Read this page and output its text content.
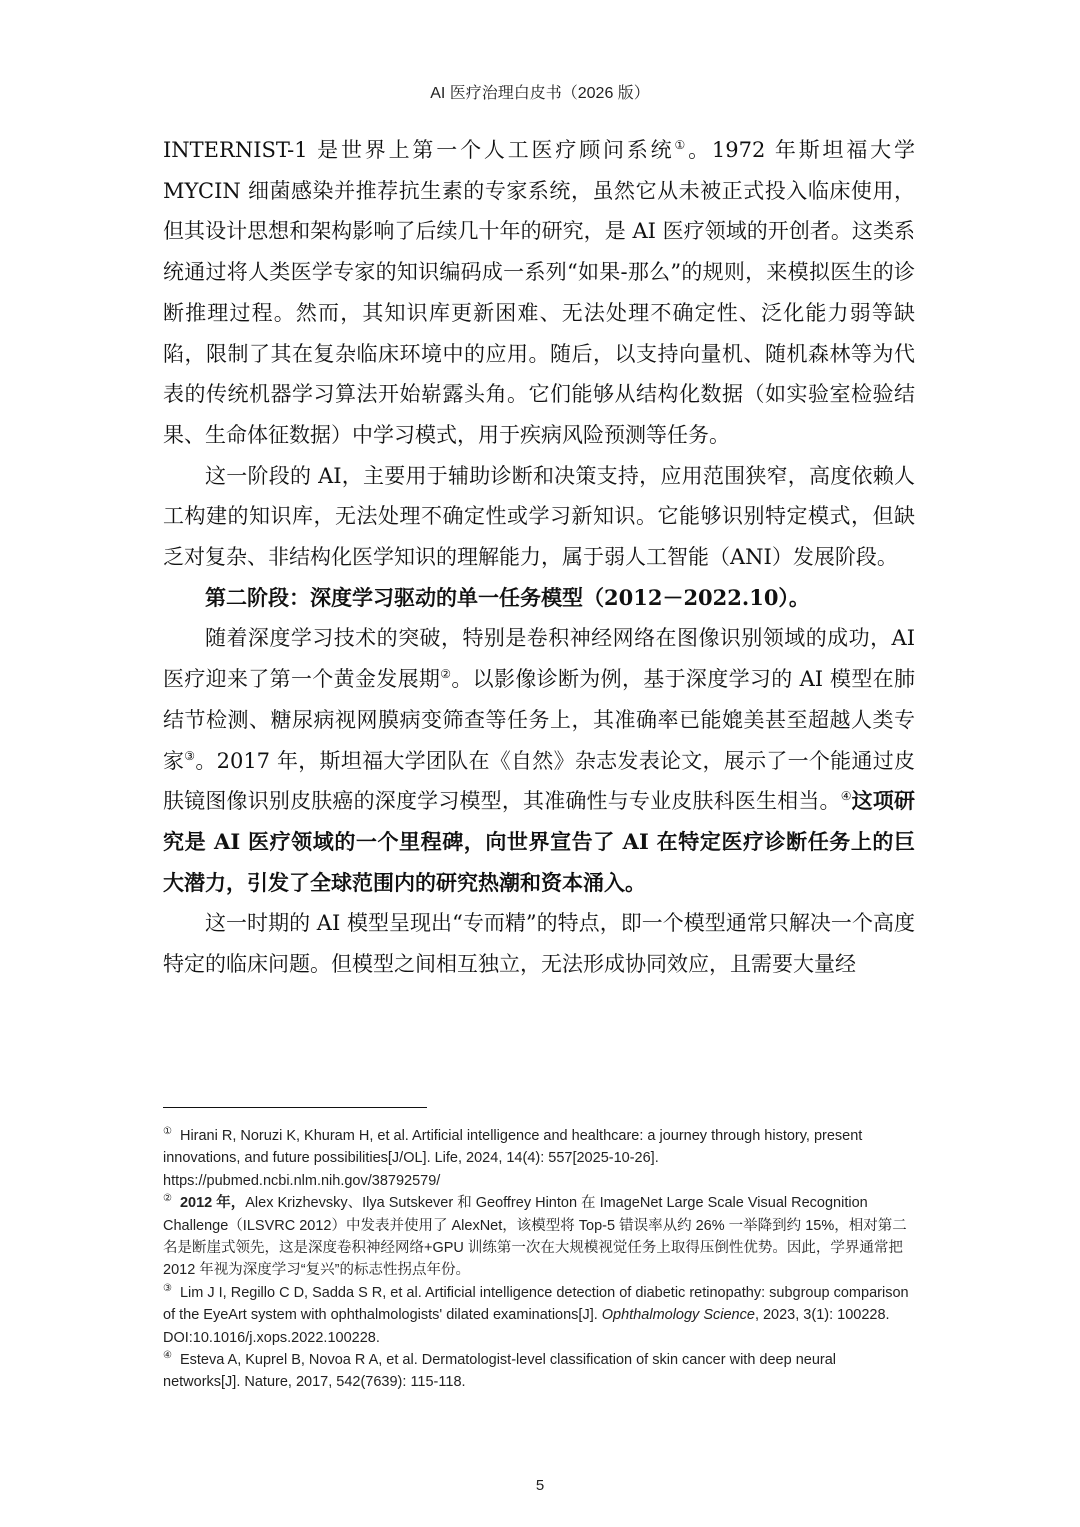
AI 医疗治理白皮书（2026 版）

INTERNIST-1 是世界上第一个人工医疗顾问系统①。1972 年斯坦福大学 MYCIN 细菌感染并推荐抗生素的专家系统，虽然它从未被正式投入临床使用，但其设计思想和架构影响了后续几十年的研究，是 AI 医疗领域的开创者。这类系统通过将人类医学专家的知识编码成一系列“如果-那么”的规则，来模拟医生的诊断推理过程。然而，其知识库更新困难、无法处理不确定性、泛化能力弱等缺陷，限制了其在复杂临床环境中的应用。随后，以支持向量机、随机森林等为代表的传统机器学习算法开始崭露头角。它们能够从结构化数据（如实验室检验结果、生命体征数据）中学习模式，用于疾病风险预测等任务。

这一阶段的 AI，主要用于辅助诊断和决策支持，应用范围狭窄，高度依赖人工构建的知识库，无法处理不确定性或学习新知识。它能够识别特定模式，但缺乏对复杂、非结构化医学知识的理解能力，属于弱人工智能（ANI）发展阶段。

第二阶段：深度学习驱动的单一任务模型（2012－2022.10）。

随着深度学习技术的突破，特别是卷积神经网络在图像识别领域的成功，AI 医疗迎来了第一个黄金发展期②。以影像诊断为例，基于深度学习的 AI 模型在肺结节检测、糖尿病视网膜病变筛查等任务上，其准确率已能媲美甚至超越人类专家③。2017 年，斯坦福大学团队在《自然》杂志发表论文，展示了一个能通过皮肤镜图像识别皮肤癌的深度学习模型，其准确性与专业皮肤科医生相当。④这项研究是 AI 医疗领域的一个里程碑，向世界宣告了 AI 在特定医疗诊断任务上的巨大潜力，引发了全球范围内的研究热潮和资本涌入。

这一时期的 AI 模型呈现出“专而精”的特点，即一个模型通常只解决一个高度特定的临床问题。但模型之间相互独立，无法形成协同效应，且需要大量经

① Hirani R, Noruzi K, Khuram H, et al. Artificial intelligence and healthcare: a journey through history, present innovations, and future possibilities[J/OL]. Life, 2024, 14(4): 557[2025-10-26]. https://pubmed.ncbi.nlm.nih.gov/38792579/

② 2012 年，Alex Krizhevsky、Ilya Sutskever 和 Geoffrey Hinton 在 ImageNet Large Scale Visual Recognition Challenge（ILSVRC 2012）中发表并使用了 AlexNet，该模型将 Top-5 错误率从约 26% 一举降到约 15%，相对第二名是断崖式领先，这是深度卷积神经网络+GPU 训练第一次在大规模视觉任务上取得压倒性优势。因此，学界通常把 2012 年视为深度学习“复兴”的标志性拐点年份。

③ Lim J I, Regillo C D, Sadda S R, et al. Artificial intelligence detection of diabetic retinopathy: subgroup comparison of the EyeArt system with ophthalmologists' dilated examinations[J]. Ophthalmology Science, 2023, 3(1): 100228. DOI:10.1016/j.xops.2022.100228.

④ Esteva A, Kuprel B, Novoa R A, et al. Dermatologist-level classification of skin cancer with deep neural networks[J]. Nature, 2017, 542(7639): 115-118.

5
